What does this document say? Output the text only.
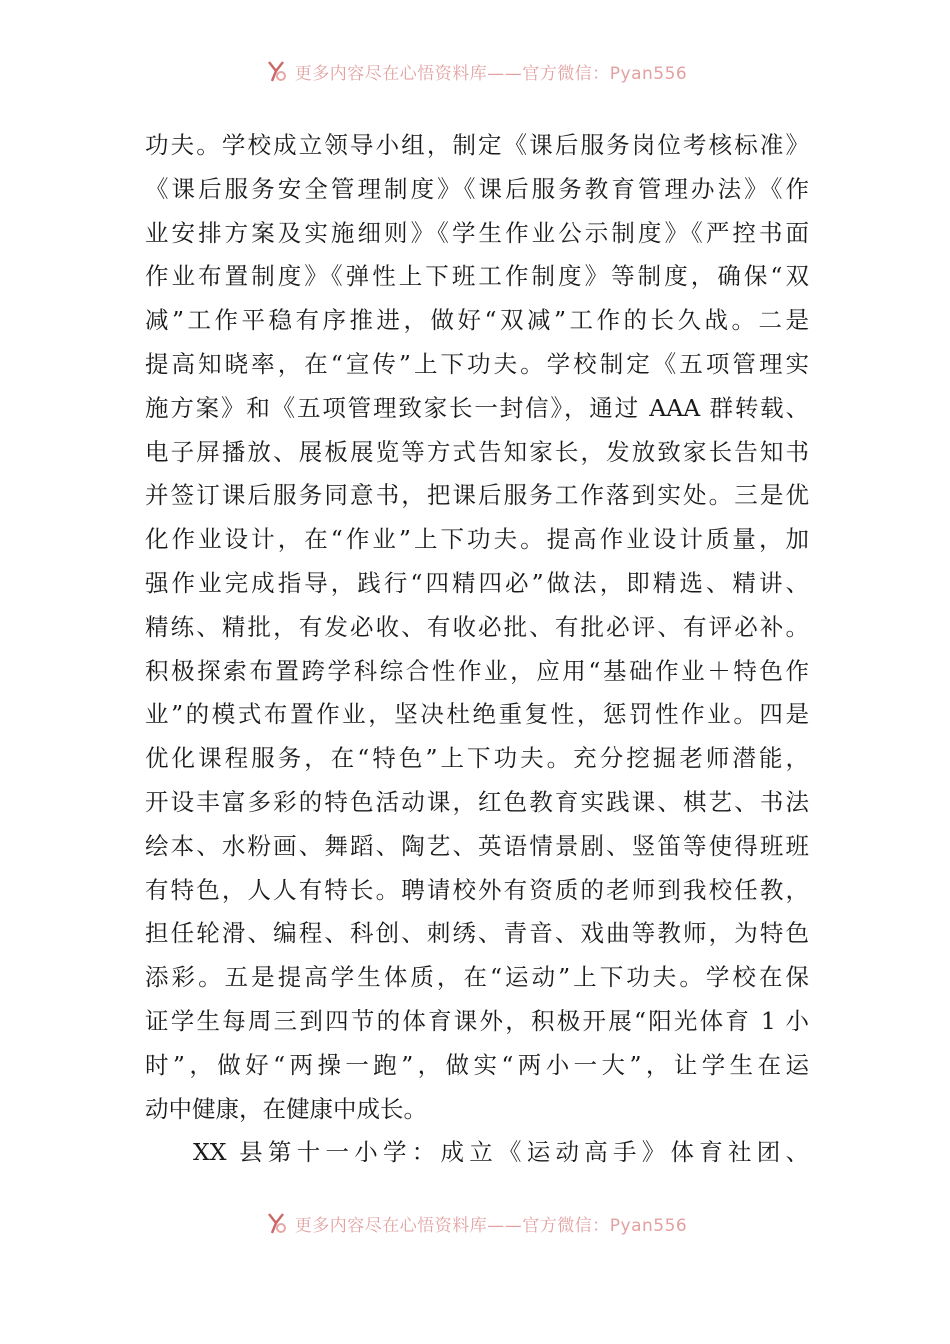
更多内容尽在心悟资料库——官方微信：Pyan556
功夫。学校成立领导小组，制定《课后服务岗位考核标准》
《课后服务安全管理制度》《课后服务教育管理办法》《作
业安排方案及实施细则》《学生作业公示制度》《严控书面
作业布置制度》《弹性上下班工作制度》等制度，确保“双
减”工作平稳有序推进，做好“双减”工作的长久战。二是
提高知晓率，在“宣传”上下功夫。学校制定《五项管理实
施方案》和《五项管理致家长一封信》，通过 AAA 群转载、
电子屏播放、展板展览等方式告知家长，发放致家长告知书
并签订课后服务同意书，把课后服务工作落到实处。三是优
化作业设计，在“作业”上下功夫。提高作业设计质量，加
强作业完成指导，践行“四精四必”做法，即精选、精讲、
精练、精批，有发必收、有收必批、有批必评、有评必补。
积极探索布置跨学科综合性作业，应用“基础作业＋特色作
业”的模式布置作业，坚决杜绝重复性，惩罚性作业。四是
优化课程服务，在“特色”上下功夫。充分挖掘老师潜能，
开设丰富多彩的特色活动课，红色教育实践课、棋艺、书法
绘本、水粉画、舞蹈、陶艺、英语情景剧、竖笛等使得班班
有特色，人人有特长。聘请校外有资质的老师到我校任教，
担任轮滑、编程、科创、刺绣、青音、戏曲等教师，为特色
添彩。五是提高学生体质，在“运动”上下功夫。学校在保
证学生每周三到四节的体育课外，积极开展“阳光体育 1 小
时”，做好“两操一跑”，做实“两小一大”，让学生在运
动中健康，在健康中成长。
XX 县第十一小学：成立《运动高手》体育社团、
更多内容尽在心悟资料库——官方微信：Pyan556
